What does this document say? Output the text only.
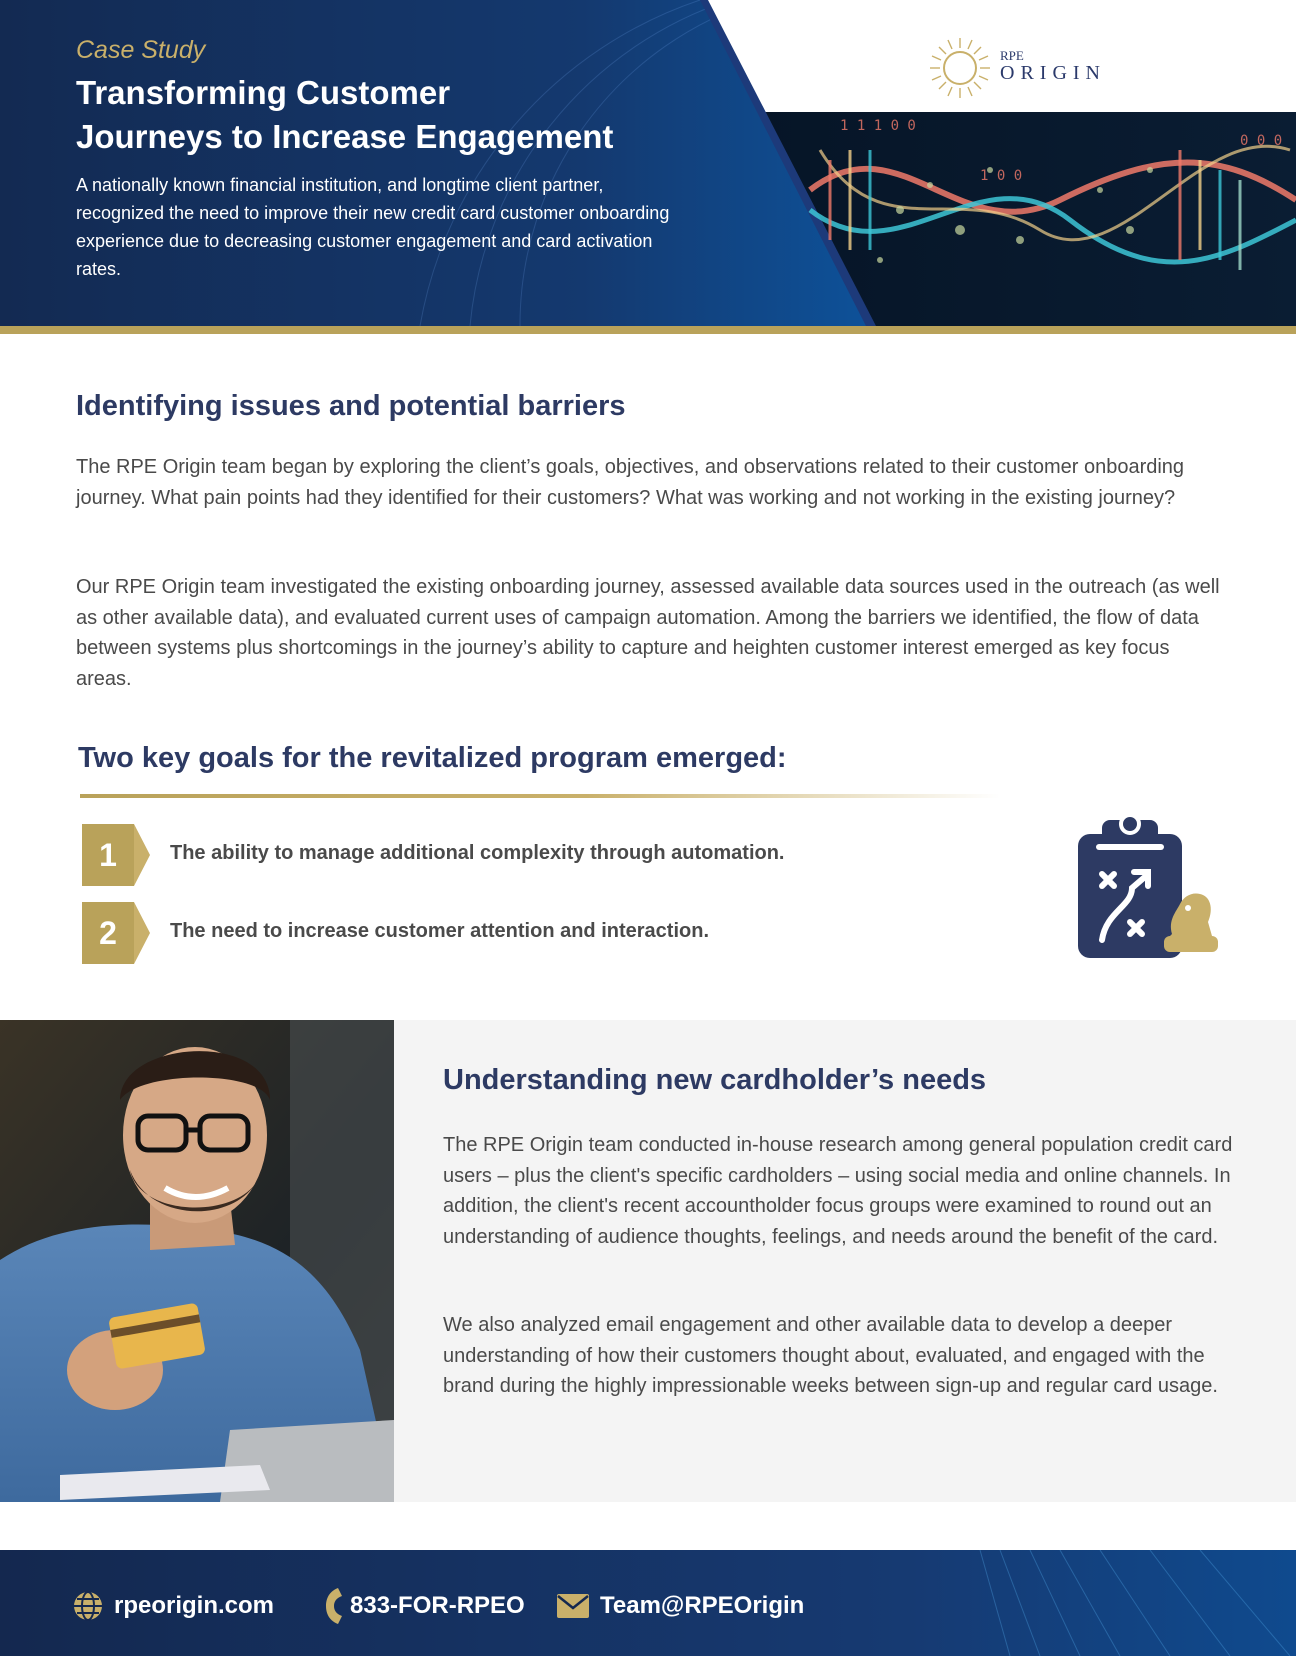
1 1 1 0 0
0 0 0
1 0 0
Case Study
Transforming Customer
Journeys to Increase Engagement

A nationally known financial institution, and longtime client partner, recognized the need to improve their new credit card customer onboarding experience due to decreasing customer engagement and card activation rates.

RPE
ORIGIN
Identifying issues and potential barriers

The RPE Origin team began by exploring the client’s goals, objectives, and observations related to their customer onboarding journey. What pain points had they identified for their customers? What was working and not working in the existing journey?

Our RPE Origin team investigated the existing onboarding journey, assessed available data sources used in the outreach (as well as other available data), and evaluated current uses of campaign automation. Among the barriers we identified, the flow of data between systems plus shortcomings in the journey’s ability to capture and heighten customer interest emerged as key focus areas.

Two key goals for the revitalized program emerged:
1	The ability to manage additional complexity through automation.
2	The need to increase customer attention and interaction.
Understanding new cardholder’s needs

The RPE Origin team conducted in-house research among general population credit card users – plus the client's specific cardholders – using social media and online channels. In addition, the client's recent accountholder focus groups were examined to round out an understanding of audience thoughts, feelings, and needs around the benefit of the card.

We also analyzed email engagement and other available data to develop a deeper understanding of how their customers thought about, evaluated, and engaged with the brand during the highly impressionable weeks between sign-up and regular card usage.

rpeorigin.com	833-FOR-RPEO	Team@RPEOrigin
